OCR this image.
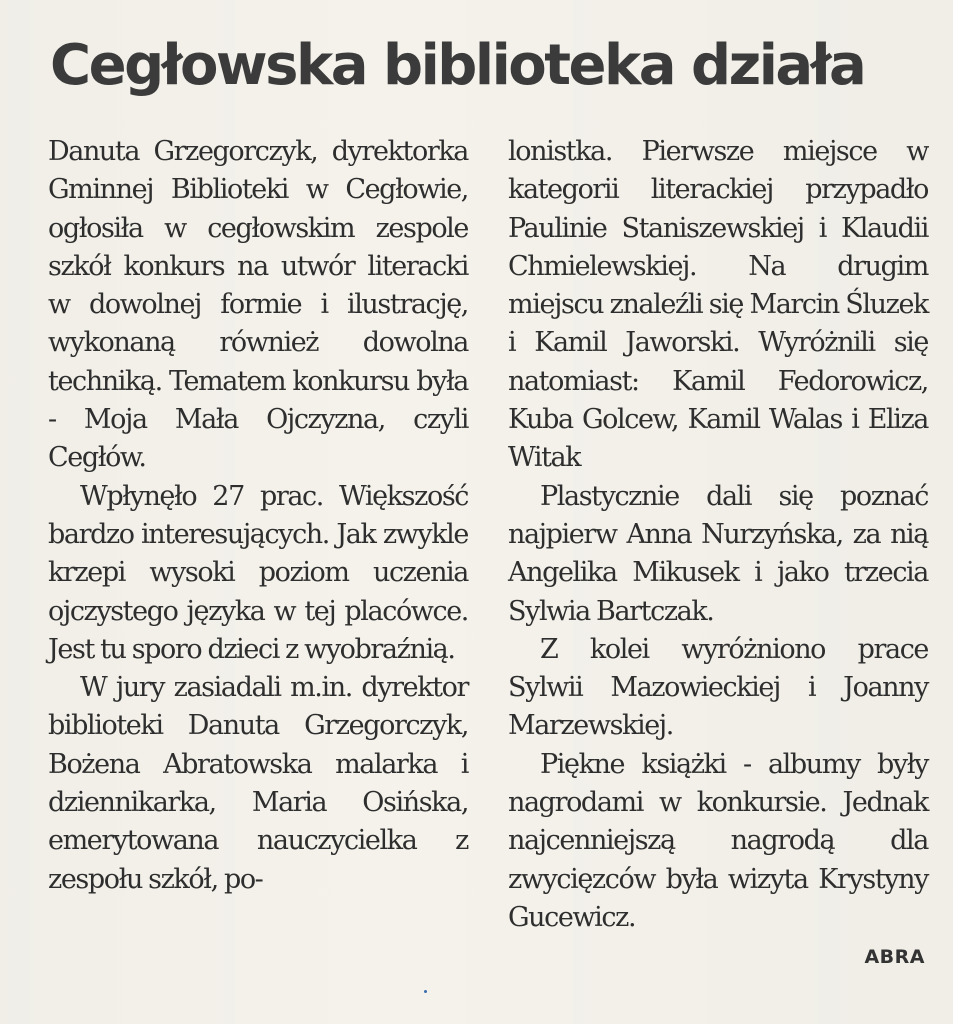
Cegłowska biblioteka działa

Danuta Grzegorczyk, dyrektorka Gminnej Biblioteki w Cegłowie, ogłosiła w cegłowskim zespole szkół konkurs na utwór literacki w dowolnej formie i ilustrację, wykonaną również dowolna techniką. Tematem konkursu była - Moja Mała Ojczyzna, czyli Cegłów.

Wpłynęło 27 prac. Większość bardzo interesujących. Jak zwykle krzepi wysoki poziom uczenia ojczystego języka w tej placówce. Jest tu sporo dzieci z wyobraźnią.

W jury zasiadali m.in. dyrektor biblioteki Danuta Grzegorczyk, Bożena Abratowska malarka i dziennikarka, Maria Osińska, emerytowana nauczycielka z zespołu szkół, po-

lonistka. Pierwsze miejsce w kategorii literackiej przypadło Paulinie Staniszewskiej i Klaudii Chmielewskiej. Na drugim miejscu znaleźli się Marcin Śluzek i Kamil Jaworski. Wyróżnili się natomiast: Kamil Fedorowicz, Kuba Golcew, Kamil Walas i Eliza Witak

Plastycznie dali się poznać najpierw Anna Nurzyńska, za nią Angelika Mikusek i jako trzecia Sylwia Bartczak.

Z kolei wyróżniono prace Sylwii Mazowieckiej i Joanny Marzewskiej.

Piękne książki - albumy były nagrodami w konkursie. Jednak najcenniejszą nagrodą dla zwycięzców była wizyta Krystyny Gucewicz.

ABRA
